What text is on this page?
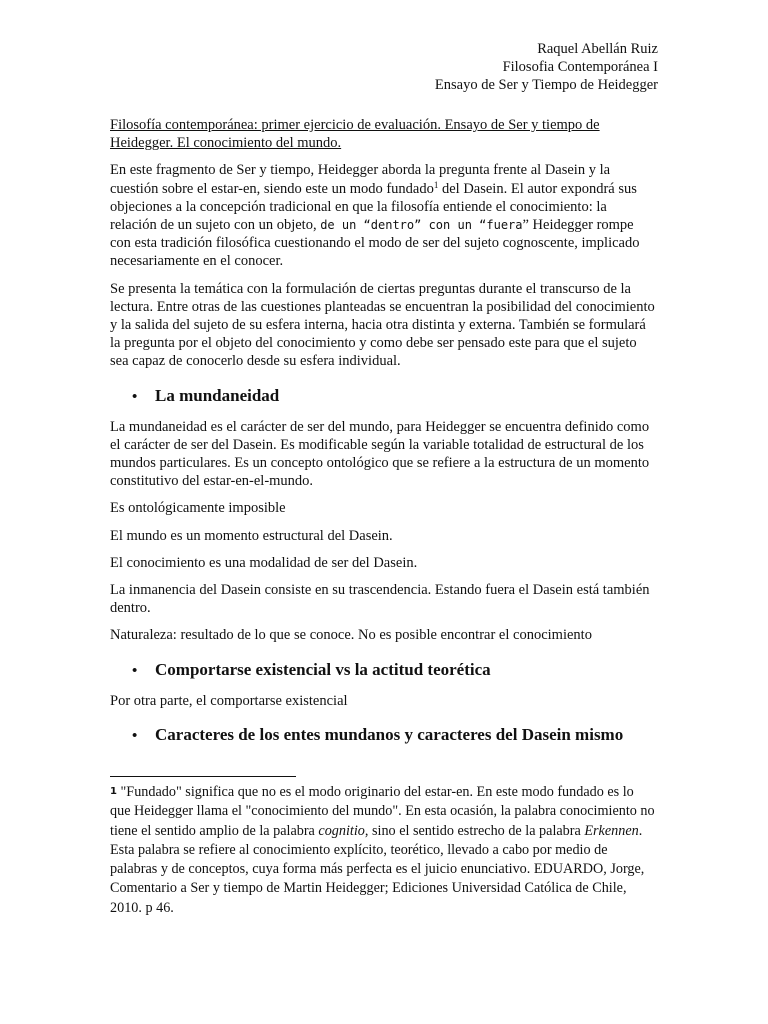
Raquel Abellán Ruiz
Filosofia Contemporánea I
Ensayo de Ser y Tiempo de Heidegger

Filosofía contemporánea: primer ejercicio de evaluación. Ensayo de Ser y tiempo de Heidegger. El conocimiento del mundo.

En este fragmento de Ser y tiempo, Heidegger aborda la pregunta frente al Dasein y la cuestión sobre el estar-en, siendo este un modo fundado$^1$ del Dasein. El autor expondrá sus objeciones a la concepción tradicional en que la filosofía entiende el conocimiento: la relación de un sujeto con un objeto, de un “dentro” con un “fuera” Heidegger rompe con esta tradición filosófica cuestionando el modo de ser del sujeto cognoscente, implicado necesariamente en el conocer.

Se presenta la temática con la formulación de ciertas preguntas durante el transcurso de la lectura. Entre otras de las cuestiones planteadas se encuentran la posibilidad del conocimiento y la salida del sujeto de su esfera interna, hacia otra distinta y externa. También se formulará la pregunta por el objeto del conocimiento y como debe ser pensado este para que el sujeto sea capaz de conocerlo desde su esfera individual.

•	La mundaneidad

La mundaneidad es el carácter de ser del mundo, para Heidegger se encuentra definido como el carácter de ser del Dasein. Es modificable según la variable totalidad de estructural de los mundos particulares. Es un concepto ontológico que se refiere a la estructura de un momento constitutivo del estar-en-el-mundo.

Es ontológicamente imposible

El mundo es un momento estructural del Dasein.

El conocimiento es una modalidad de ser del Dasein.

La inmanencia del Dasein consiste en su trascendencia. Estando fuera el Dasein está también dentro.

Naturaleza: resultado de lo que se conoce. No es posible encontrar el conocimiento

•	Comportarse existencial vs la actitud teorética

Por otra parte, el comportarse existencial

•	Caracteres de los entes mundanos y caracteres del Dasein mismo
1 "Fundado" significa que no es el modo originario del estar-en. En este modo fundado es lo que Heidegger llama el "conocimiento del mundo". En esta ocasión, la palabra conocimiento no tiene el sentido amplio de la palabra cognitio, sino el sentido estrecho de la palabra Erkennen. Esta palabra se refiere al conocimiento explícito, teorético, llevado a cabo por medio de palabras y de conceptos, cuya forma más perfecta es el juicio enunciativo. EDUARDO, Jorge, Comentario a Ser y tiempo de Martin Heidegger; Ediciones Universidad Católica de Chile, 2010. p 46.
